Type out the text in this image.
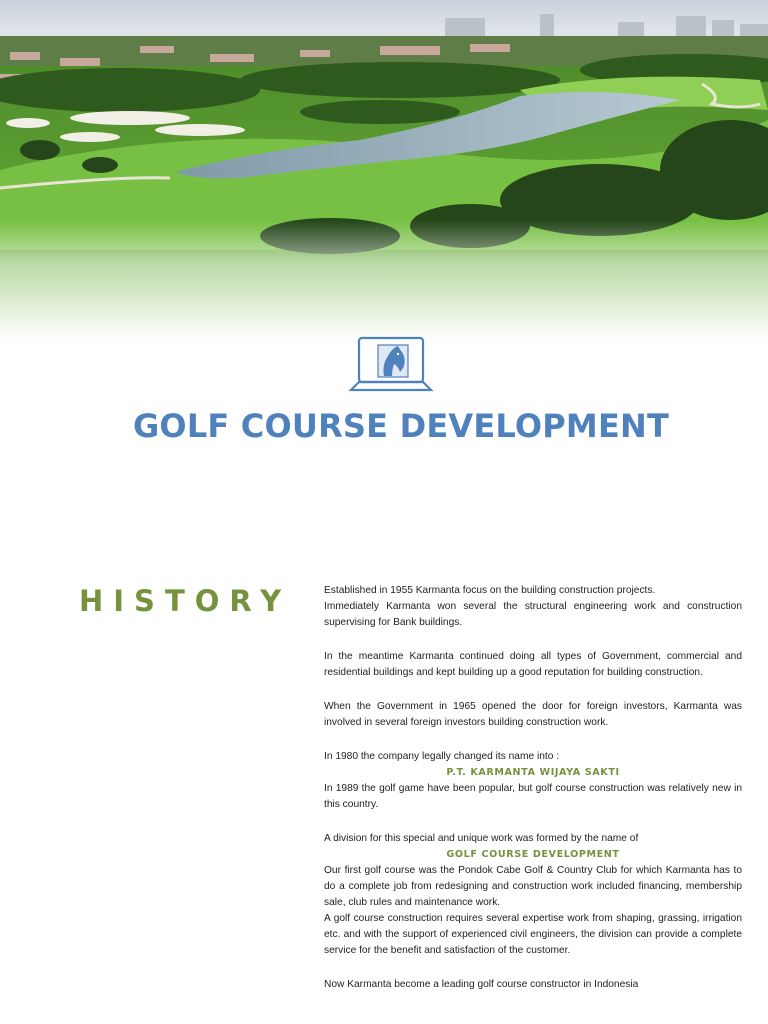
GOLF COURSE DEVELOPMENT
HISTORY	Established in 1955 Karmanta focus on the building construction projects.

Immediately Karmanta won several the structural engineering work and construction supervising for Bank buildings.

In the meantime Karmanta continued doing all types of Government, commercial and residential buildings and kept building up a good reputation for building construction.

When the Government in 1965 opened the door for foreign investors, Karmanta was involved in several foreign investors building construction work.

In 1980 the company legally changed its name into :

P.T. KARMANTA WIJAYA SAKTI

In 1989 the golf game have been popular, but golf course construction was relatively new in this country.

A division for this special and unique work was formed by the name of

GOLF COURSE DEVELOPMENT

Our first golf course was the Pondok Cabe Golf & Country Club for which Karmanta has to do a complete job from redesigning and construction work included financing, membership sale, club rules and maintenance work.

A golf course construction requires several expertise work from shaping, grassing, irrigation etc. and with the support of experienced civil engineers, the division can provide a complete service for the benefit and satisfaction of the customer.

Now Karmanta become a leading golf course constructor in Indonesia
